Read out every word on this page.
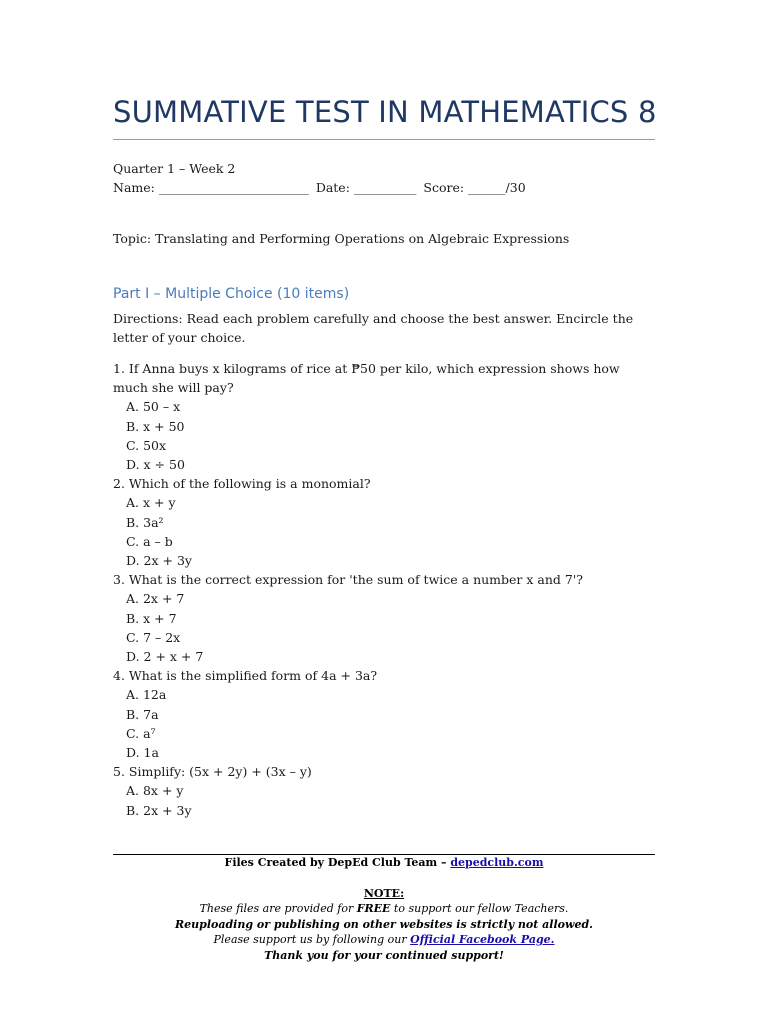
SUMMATIVE TEST IN MATHEMATICS 8
Quarter 1 – Week 2
Name: ________________________ Date: __________ Score: ______/30
Topic: Translating and Performing Operations on Algebraic Expressions
Part I – Multiple Choice (10 items)
Directions: Read each problem carefully and choose the best answer. Encircle the letter of your choice.

1. If Anna buys x kilograms of rice at ₱50 per kilo, which expression shows how much she will pay?

A. 50 – x

B. x + 50

C. 50x

D. x ÷ 50

2. Which of the following is a monomial?

A. x + y

B. 3a²

C. a – b

D. 2x + 3y

3. What is the correct expression for 'the sum of twice a number x and 7'?

A. 2x + 7

B. x + 7

C. 7 – 2x

D. 2 + x + 7

4. What is the simplified form of 4a + 3a?

A. 12a

B. 7a

C. a⁷

D. 1a

5. Simplify: (5x + 2y) + (3x – y)

A. 8x + y

B. 2x + 3y

Files Created by DepEd Club Team – depedclub.com
NOTE:
These files are provided for FREE to support our fellow Teachers.
Reuploading or publishing on other websites is strictly not allowed.
Please support us by following our Official Facebook Page.
Thank you for your continued support!
